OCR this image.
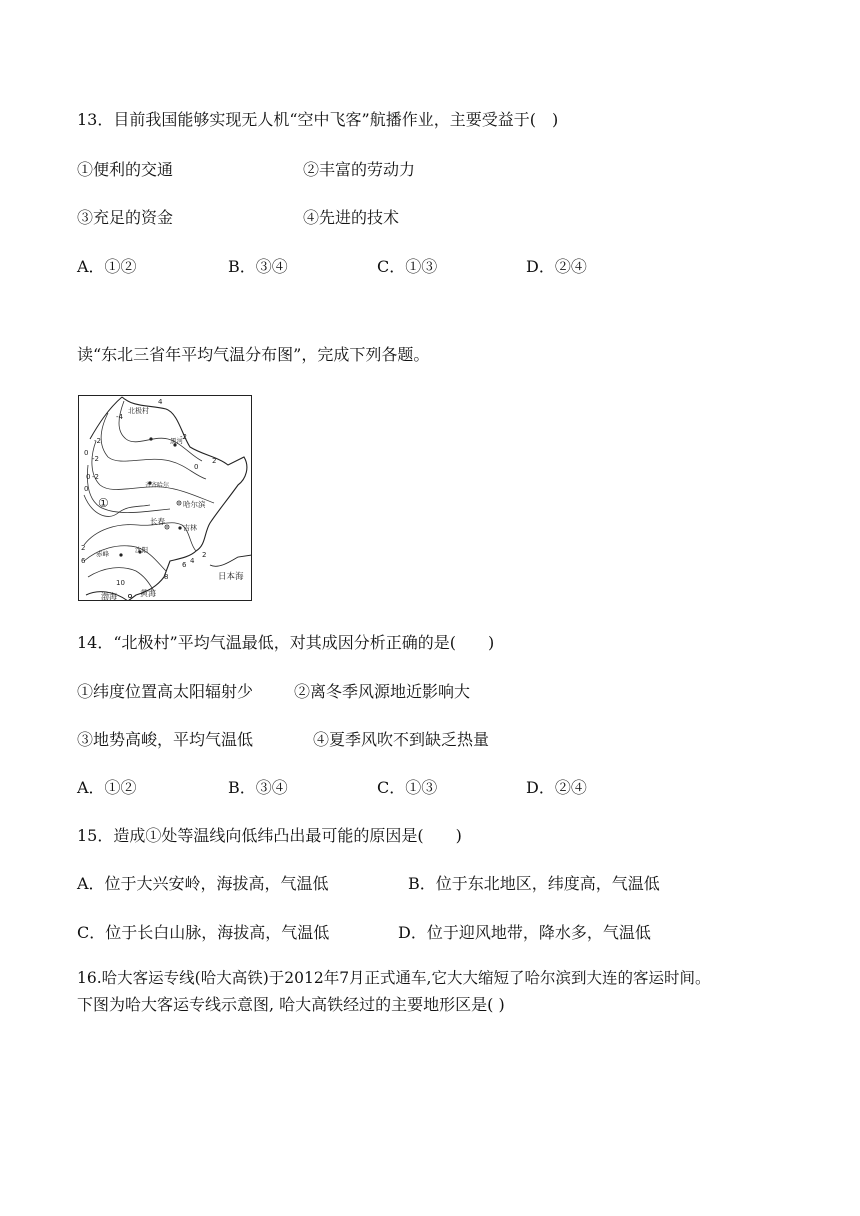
13．目前我国能够实现无人机“空中飞客”航播作业，主要受益于(　)
①便利的交通	②丰富的劳动力
③充足的资金	④先进的技术
A．①②	B．③④	C．①③	D．②④
读“东北三省年平均气温分布图”，完成下列各题。
北极村
黑河
齐齐哈尔
哈尔滨
长春
吉林
沈阳
赤峰
日本海
渤海	黄海
4
-4
-2
-2
0
2
-2
0
0 -2
0
2
6
2
4
6
8
10
①
14．“北极村”平均气温最低，对其成因分析正确的是(　　)
①纬度位置高太阳辐射少	②离冬季风源地近影响大
③地势高峻，平均气温低	④夏季风吹不到缺乏热量
A．①②	B．③④	C．①③	D．②④
15．造成①处等温线向低纬凸出最可能的原因是(　　)
A．位于大兴安岭，海拔高，气温低	B．位于东北地区，纬度高，气温低
C．位于长白山脉，海拔高，气温低	D．位于迎风地带，降水多，气温低
16.哈大客运专线(哈大高铁)于2012年7月正式通车,它大大缩短了哈尔滨到大连的客运时间。
下图为哈大客运专线示意图, 哈大高铁经过的主要地形区是( )
